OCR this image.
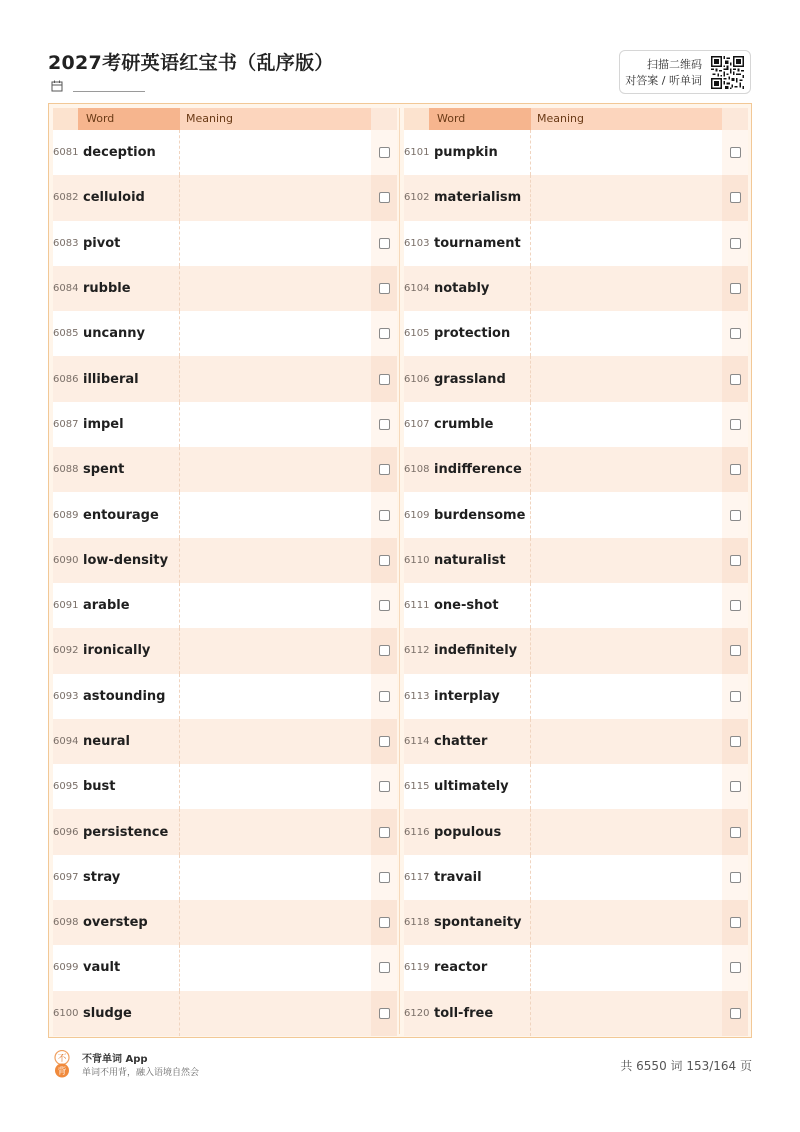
2027考研英语红宝书（乱序版）	扫描二维码
对答案 / 听单词
Word	Meaning
6081 deception
6082 celluloid
6083 pivot
6084 rubble
6085 uncanny
6086 illiberal
6087 impel
6088 spent
6089 entourage
6090 low-density
6091 arable
6092 ironically
6093 astounding
6094 neural
6095 bust
6096 persistence
6097 stray
6098 overstep
6099 vault
6100 sludge
Word	Meaning
6101 pumpkin
6102 materialism
6103 tournament
6104 notably
6105 protection
6106 grassland
6107 crumble
6108 indifference
6109 burdensome
6110 naturalist
6111 one-shot
6112 indefinitely
6113 interplay
6114 chatter
6115 ultimately
6116 populous
6117 travail
6118 spontaneity
6119 reactor
6120 toll-free
不
背
不背单词 App
单词不用背，融入语境自然会	共 6550 词 153/164 页
